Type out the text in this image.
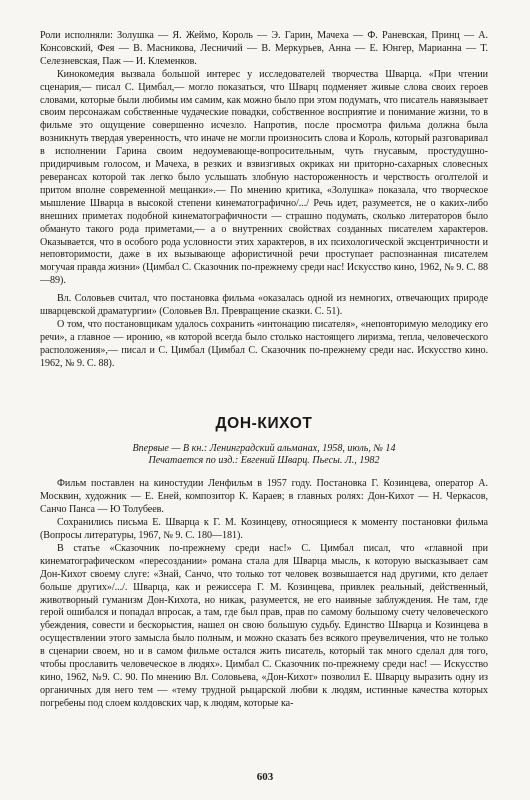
Роли исполняли: Золушка — Я. Жеймо, Король — Э. Гарин, Мачеха — Ф. Раневская, Принц — А. Консовский, Фея — В. Масникова, Лесничий — В. Меркурьев, Анна — Е. Юнгер, Марианна — Т. Селезневская, Паж — И. Клеменков.

Кинокомедия вызвала большой интерес у исследователей творчества Шварца. «При чтении сценария,— писал С. Цимбал,— могло показаться, что Шварц подменяет живые слова своих героев словами, которые были любимы им самим, как можно было при этом подумать, что писатель навязывает своим персонажам собственные чудаческие повадки, собственное восприятие и понимание жизни, то в фильме это ощущение совершенно исчезло. Напротив, после просмотра фильма должна была возникнуть твердая уверенность, что иначе не могли произносить слова и Король, который разговаривал в исполнении Гарина своим недоумевающе-вопросительным, чуть гнусавым, простудушно-придирчивым голосом, и Мачеха, в резких и взвизгивых окриках ни приторно-сахарных словесных реверансах которой так легко было услышать злобную настороженность и черствость оголтелой и притом вполне современной мещанки».— По мнению критика, «Золушка» показала, что творческое мышление Шварца в высокой степени кинематографично/.../ Речь идет, разумеется, не о каких-либо внешних приметах подобной кинематографичности — страшно подумать, сколько литераторов было обмануто такого рода приметами,— а о внутренних свойствах созданных писателем характеров. Оказывается, что в особого рода условности этих характеров, в их психологической эксцентричности и неповторимости, даже в их вызывающе афористичной речи проступает распознанная писателем могучая правда жизни» (Цимбал С. Сказочник по-прежнему среди нас! Искусство кино, 1962, № 9. С. 88—89).

Вл. Соловьев считал, что постановка фильма «оказалась одной из немногих, отвечающих природе шварцевской драматургии» (Соловьев Вл. Превращение сказки. С. 51).

О том, что постановщикам удалось сохранить «интонацию писателя», «неповторимую мелодику его речи», а главное — иронию, «в которой всегда было столько настоящего лиризма, тепла, человеческого расположения»,— писал и С. Цимбал (Цимбал С. Сказочник по-прежнему среди нас. Искусство кино. 1962, № 9. С. 88).

ДОН-КИХОТ

Впервые — В кн.: Ленинградский альманах, 1958, июль, № 14
Печатается по изд.: Евгений Шварц. Пьесы. Л., 1982

Фильм поставлен на киностудии Ленфильм в 1957 году. Постановка Г. Козинцева, оператор А. Москвин, художник — Е. Еней, композитор К. Караев; в главных ролях: Дон-Кихот — Н. Черкасов, Санчо Панса — Ю Толубеев.

Сохранились письма Е. Шварца к Г. М. Козинцеву, относящиеся к моменту постановки фильма (Вопросы литературы, 1967, № 9. С. 180—181).

В статье «Сказочник по-прежнему среди нас!» С. Цимбал писал, что «главной при кинематографическом «пересоздании» романа стала для Шварца мысль, к которую высказывает сам Дон-Кихот своему слуге: «Знай, Санчо, что только тот человек возвышается над другими, кто делает больше других»/.../. Шварца, как и режиссера Г. М. Козинцева, привлек реальный, действенный, животворный гуманизм Дон-Кихота, но никак, разумеется, не его наивные заблуждения. Не там, где герой ошибался и попадал впросак, а там, где был прав, прав по самому большому счету человеческого убеждения, совести и бескорыстия, нашел он свою большую судьбу. Единство Шварца и Козинцева в осуществлении этого замысла было полным, и можно сказать без всякого преувеличения, что не только в сценарии своем, но и в самом фильме остался жить писатель, который так много сделал для того, чтобы прославить человеческое в людях». Цимбал С. Сказочник по-прежнему среди нас! — Искусство кино, 1962, №9. С. 90. По мнению Вл. Соловьева, «Дон-Кихот» позволил Е. Шварцу выразить одну из органичных для него тем — «тему трудной рыцарской любви к людям, истинные качества которых погребены под слоем колдовских чар, к людям, которые ка-

603
